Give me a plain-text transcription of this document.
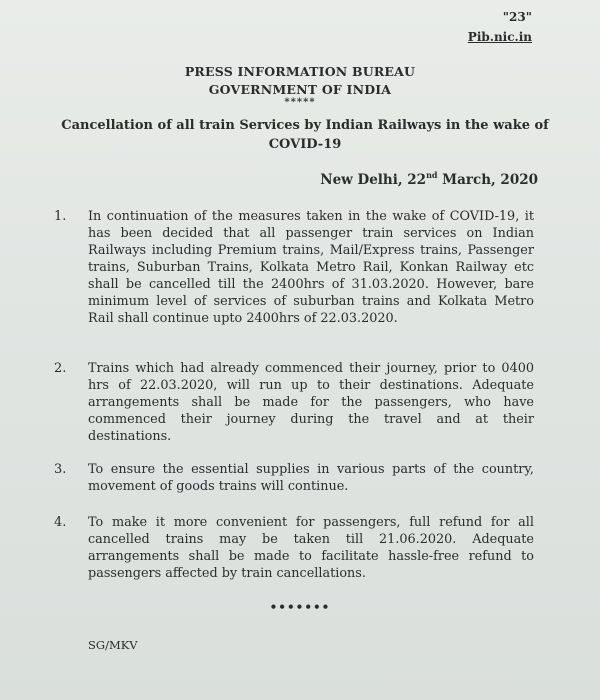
"23"
Pib.nic.in
PRESS INFORMATION BUREAU
GOVERNMENT OF INDIA
*****
Cancellation of all train Services by Indian Railways in the wake of COVID-19
New Delhi, 22nd March, 2020
1. In continuation of the measures taken in the wake of COVID-19, it has been decided that all passenger train services on Indian Railways including Premium trains, Mail/Express trains, Passenger trains, Suburban Trains, Kolkata Metro Rail, Konkan Railway etc shall be cancelled till the 2400hrs of 31.03.2020. However, bare minimum level of services of suburban trains and Kolkata Metro Rail shall continue upto 2400hrs of 22.03.2020.
2. Trains which had already commenced their journey, prior to 0400 hrs of 22.03.2020, will run up to their destinations. Adequate arrangements shall be made for the passengers, who have commenced their journey during the travel and at their destinations.
3. To ensure the essential supplies in various parts of the country, movement of goods trains will continue.
4. To make it more convenient for passengers, full refund for all cancelled trains may be taken till 21.06.2020. Adequate arrangements shall be made to facilitate hassle-free refund to passengers affected by train cancellations.
•••••••
SG/MKV
